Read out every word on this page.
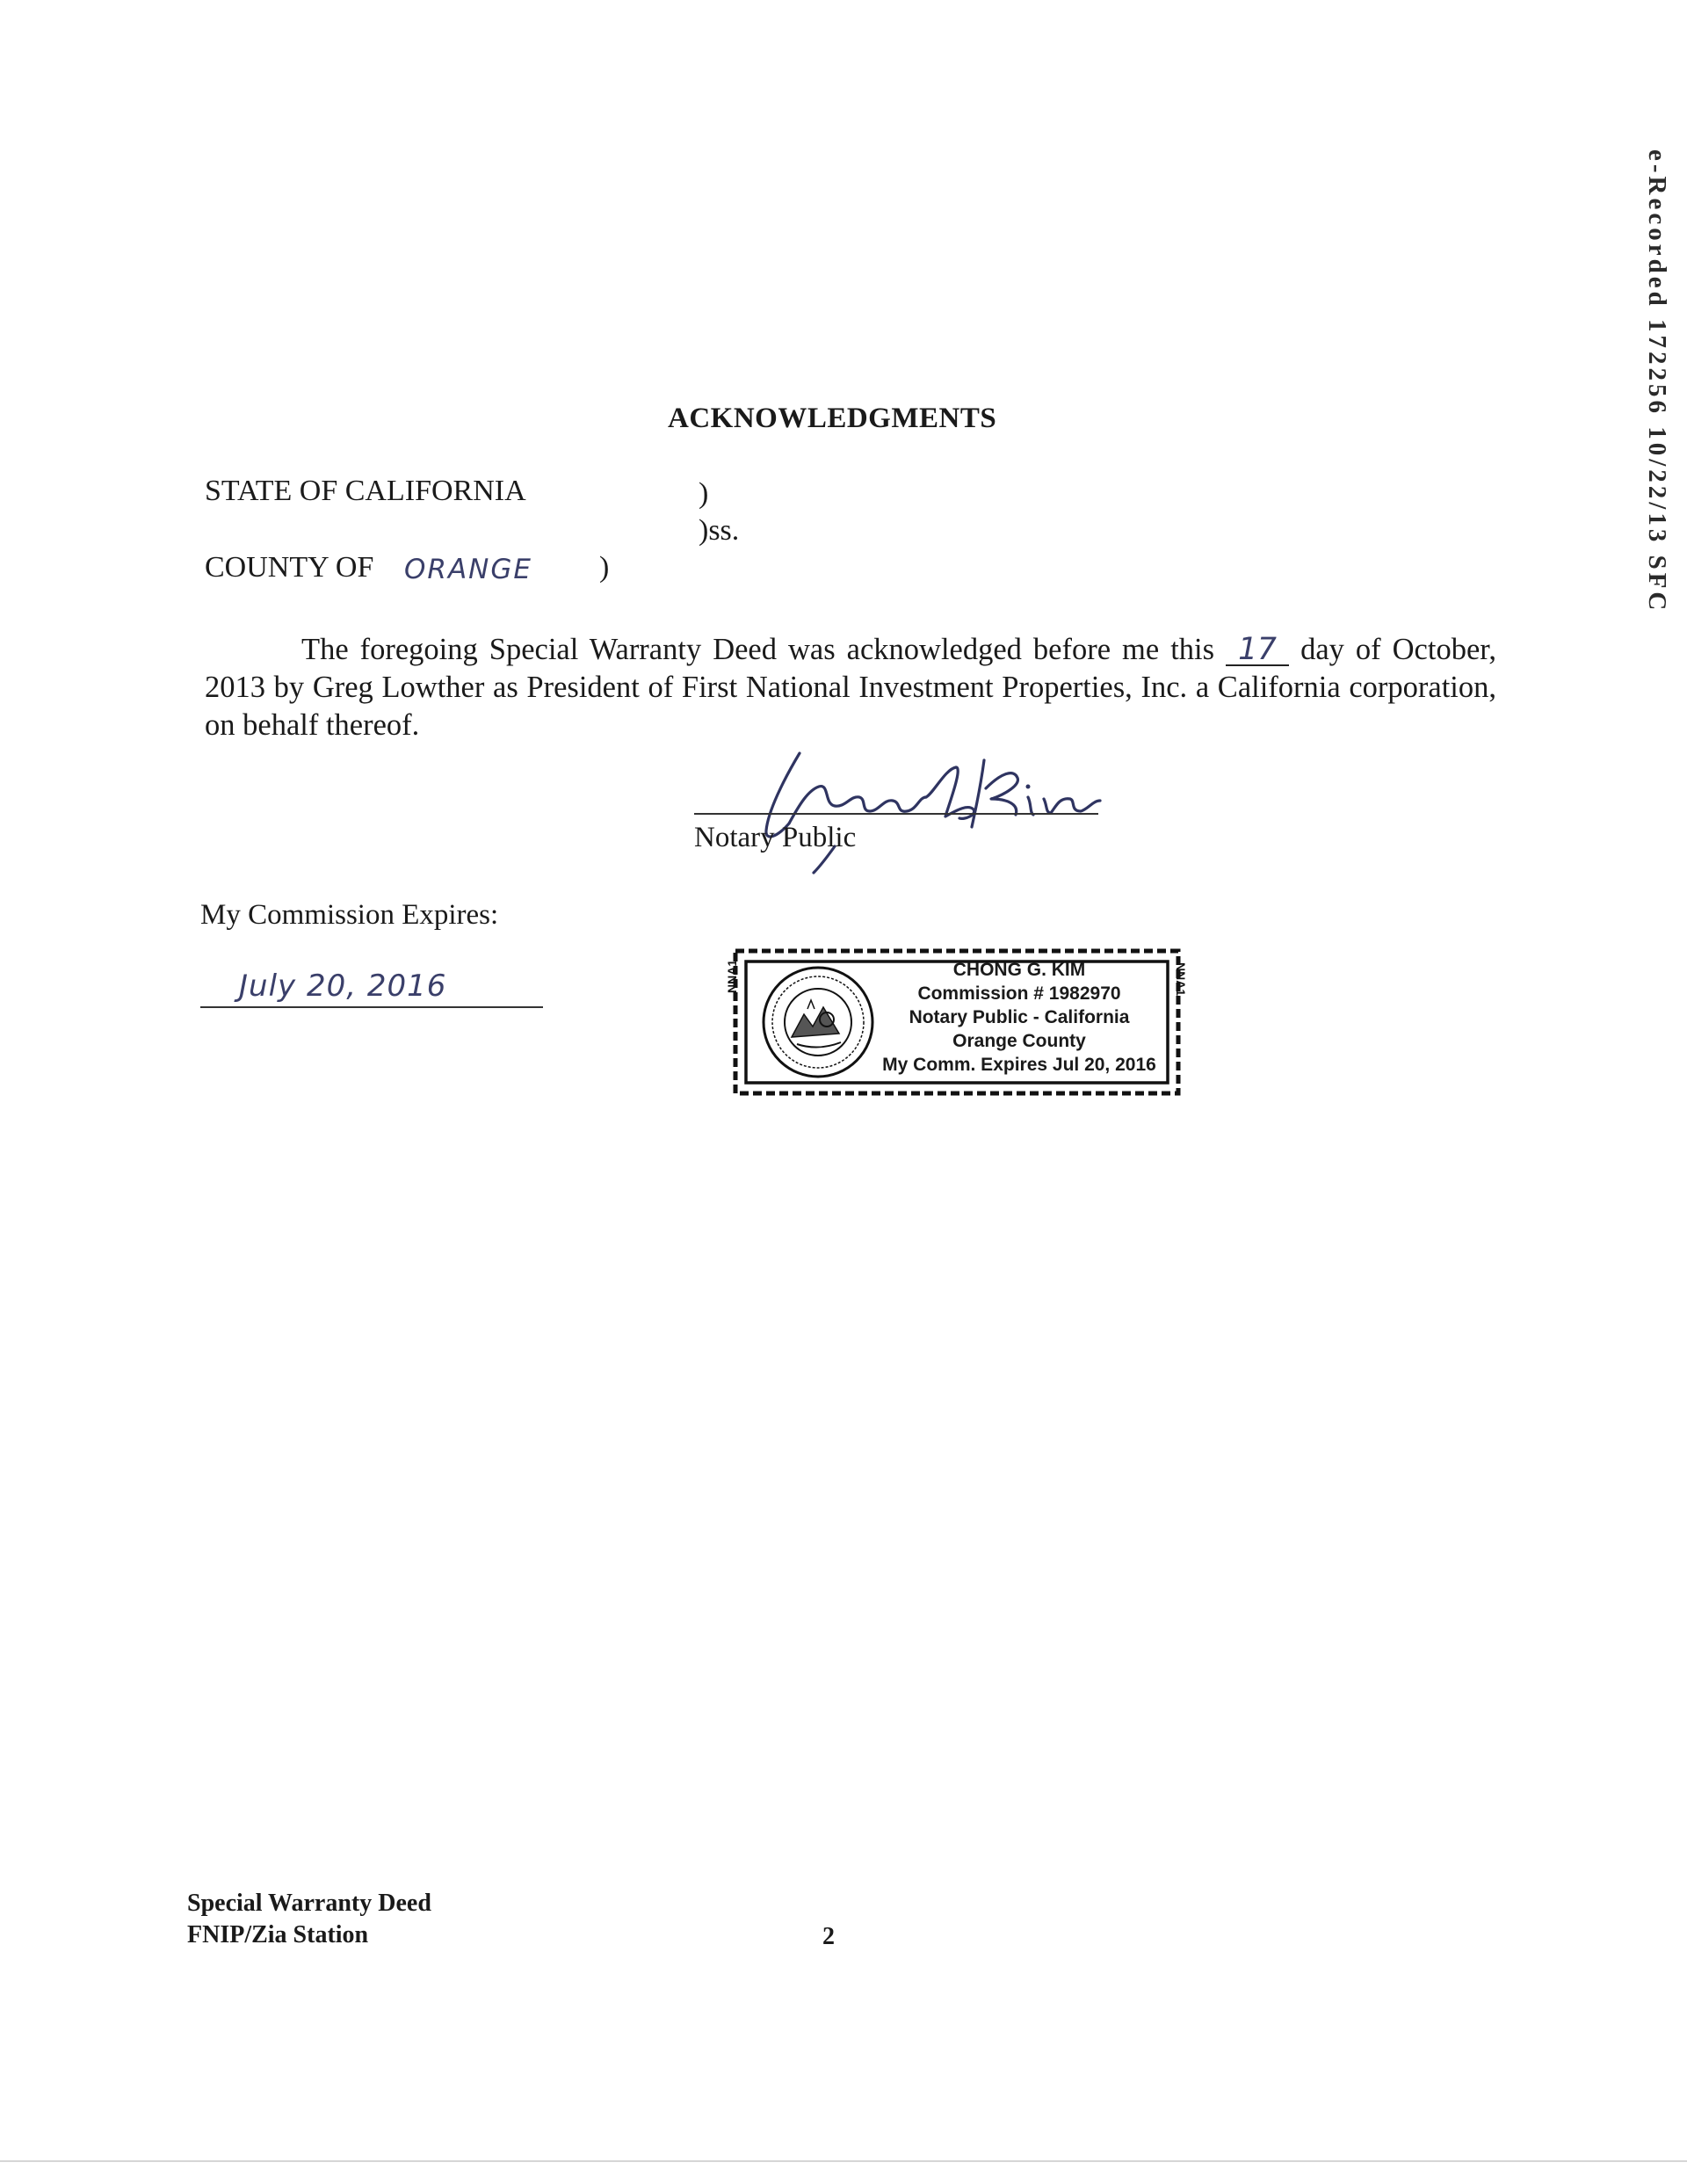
e-Recorded 172256 10/22/13 SFC
ACKNOWLEDGMENTS
STATE OF CALIFORNIA	)
)ss.
COUNTY OF ORANGE )

The foregoing Special Warranty Deed was acknowledged before me this 17 day of October, 2013 by Greg Lowther as President of First National Investment Properties, Inc. a California corporation, on behalf thereof.

Notary Public
My Commission Expires:
July 20, 2016	NNA1	NNA1
CHONG G. KIM
Commission # 1982970
Notary Public - California
Orange County
My Comm. Expires Jul 20, 2016
Special Warranty Deed
FNIP/Zia Station	2
